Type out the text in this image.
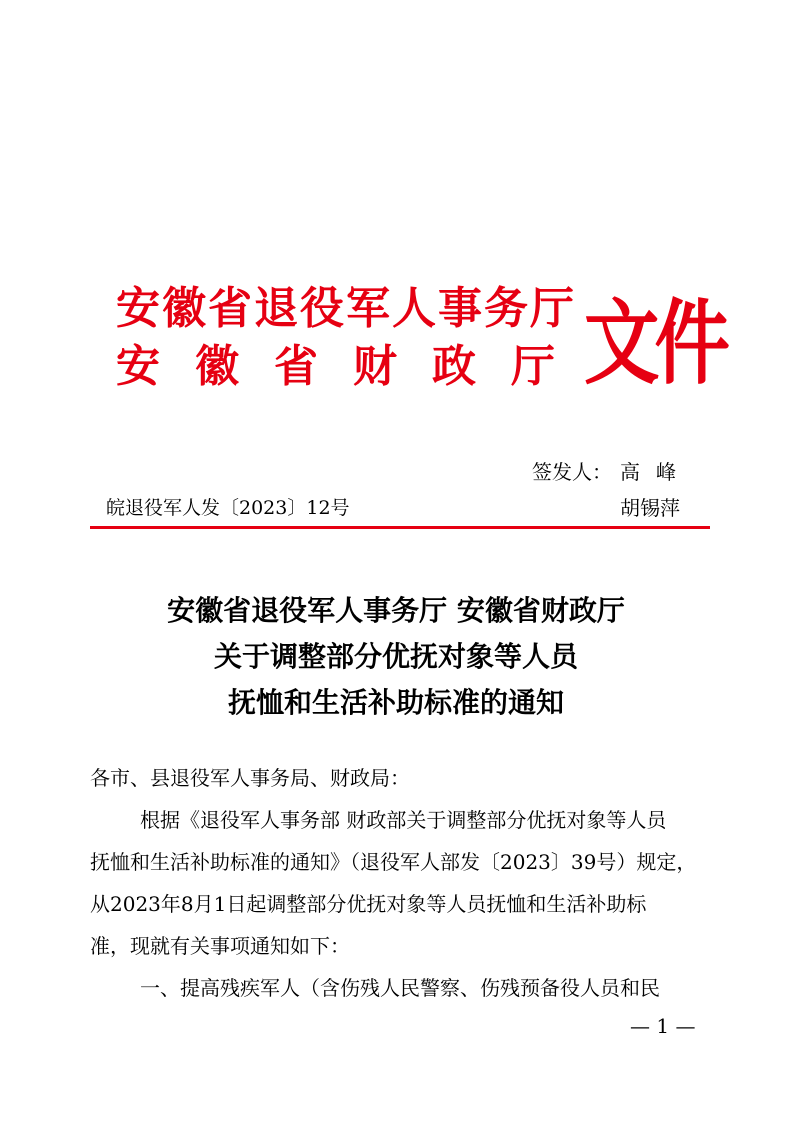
安徽省退役军人事务厅
安徽省财政厅
文件
签发人： 高峰
胡锡萍
皖退役军人发〔2023〕12号
安徽省退役军人事务厅 安徽省财政厅
关于调整部分优抚对象等人员
抚恤和生活补助标准的通知
各市、县退役军人事务局、财政局：
根据《退役军人事务部 财政部关于调整部分优抚对象等人员
抚恤和生活补助标准的通知》（退役军人部发〔2023〕39号）规定，
从2023年8月1日起调整部分优抚对象等人员抚恤和生活补助标
准，现就有关事项通知如下：
一、提高残疾军人（含伤残人民警察、伤残预备役人员和民
— 1 —
